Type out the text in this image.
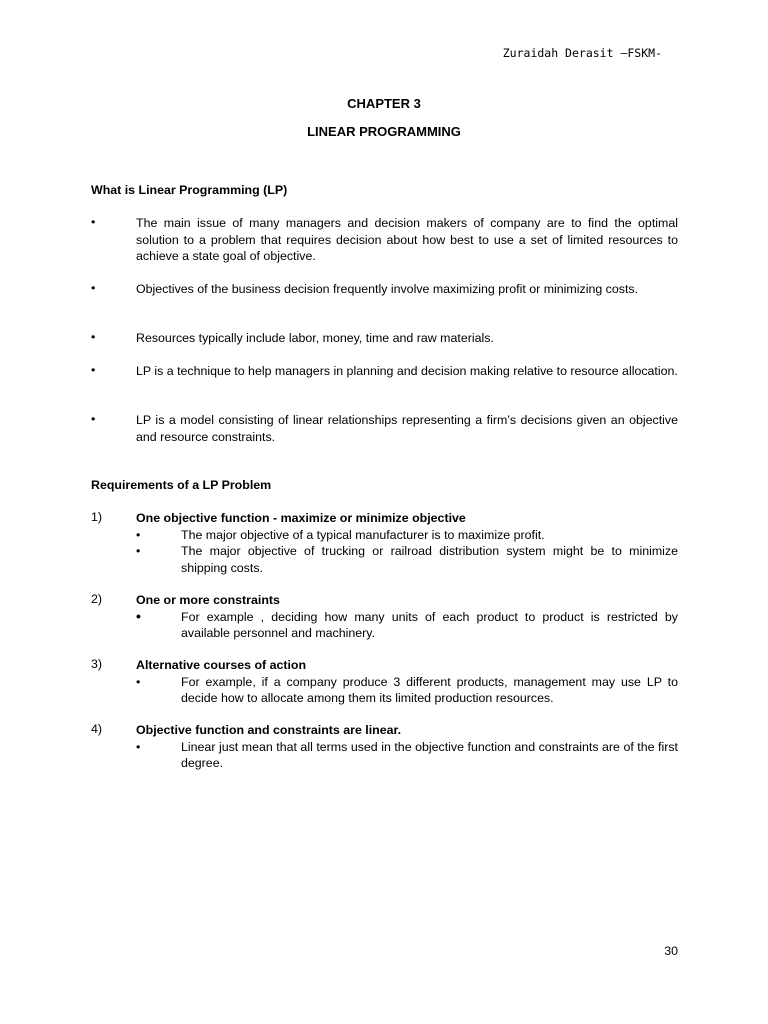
Zuraidah Derasit –FSKM-
CHAPTER 3
LINEAR PROGRAMMING
What is Linear Programming (LP)
•	The main issue of many managers and decision makers of company are to find the optimal solution to a problem that requires decision about how best to use a set of limited resources to achieve a state goal of objective.
•	Objectives of the business decision frequently involve maximizing profit or minimizing costs.
•	Resources typically include labor, money, time and raw materials.
•	LP is a technique to help managers in planning and decision making relative to resource allocation.
•	LP is a model consisting of linear relationships representing a firm’s decisions given an objective and resource constraints.
Requirements of a LP Problem
1)	One objective function - maximize or minimize objective
•	The major objective of a typical manufacturer is to maximize profit.
•	The major objective of trucking or railroad distribution system might be to minimize shipping costs.
2)	One or more constraints
•	For example , deciding how many units of each product to product is restricted by available personnel and machinery.
3)	Alternative courses of action
•	For example, if a company produce 3 different products, management may use LP to decide how to allocate among them its limited production resources.
4)	Objective function and constraints are linear.
•	Linear just mean that all terms used in the objective function and constraints are of the first degree.
30
